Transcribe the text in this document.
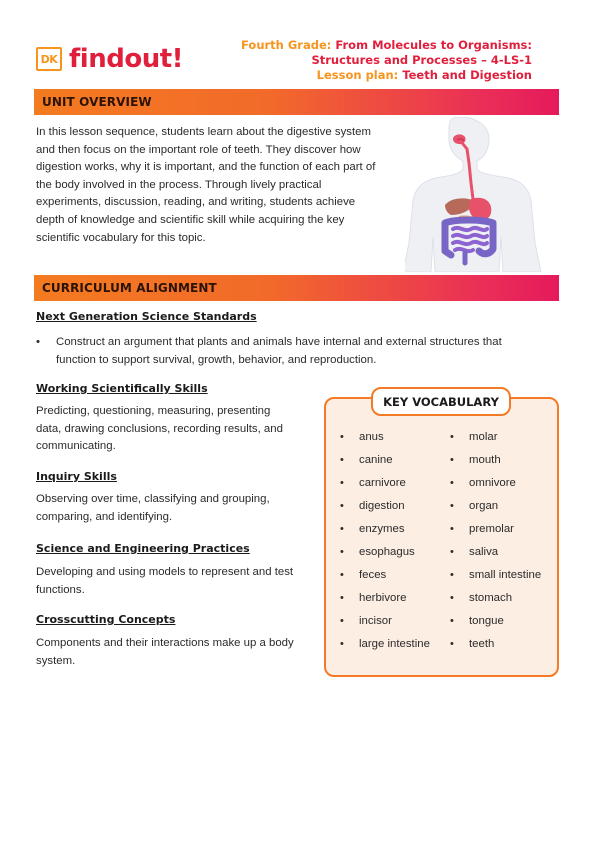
DK findout!	Fourth Grade: From Molecules to Organisms:
Structures and Processes – 4-LS-1
Lesson plan: Teeth and Digestion
UNIT OVERVIEW

In this lesson sequence, students learn about the digestive system and then focus on the important role of teeth. They discover how digestion works, why it is important, and the function of each part of the body involved in the process. Through lively practical experiments, discussion, reading, and writing, students achieve depth of knowledge and scientific skill while acquiring the key scientific vocabulary for this topic.

CURRICULUM ALIGNMENT
Next Generation Science Standards
•	Construct an argument that plants and animals have internal and external structures that function to support survival, growth, behavior, and reproduction.
Working Scientifically Skills

Predicting, questioning, measuring, presenting data, drawing conclusions, recording results, and communicating.

Inquiry Skills

Observing over time, classifying and grouping, comparing, and identifying.

Science and Engineering Practices

Developing and using models to represent and test functions.

Crosscutting Concepts

Components and their interactions make up a body system.

KEY VOCABULARY
•	anus
•	canine
•	carnivore
•	digestion
•	enzymes
•	esophagus
•	feces
•	herbivore
•	incisor
•	large intestine
•	molar
•	mouth
•	omnivore
•	organ
•	premolar
•	saliva
•	small intestine
•	stomach
•	tongue
•	teeth
